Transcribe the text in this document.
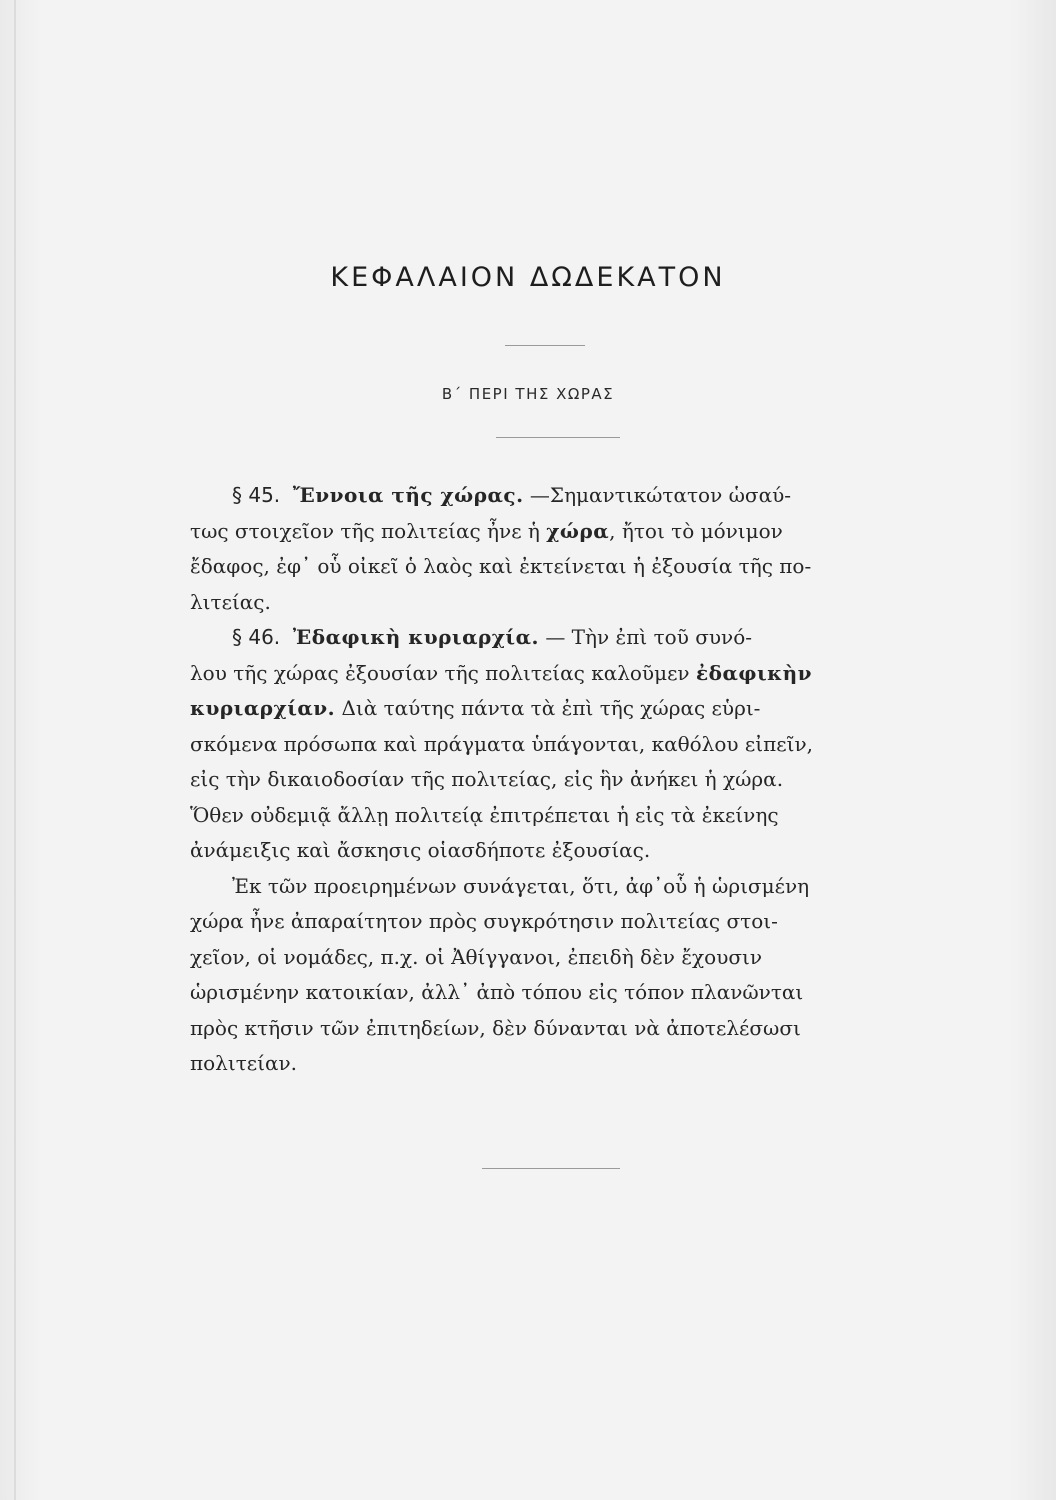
ΚΕΦΑΛΑΙΟΝ ΔΩΔΕΚΑΤΟΝ
Β΄ ΠΕΡΙ ΤΗΣ ΧΩΡΑΣ
§ 45. Ἔννοια τῆς χώρας. —Σημαντικώτατον ὡσαύ-
τως στοιχεῖον τῆς πολιτείας ἦνε ἡ χώρα, ἤτοι τὸ μόνιμον
ἔδαφος, ἐφ᾽ οὗ οἰκεῖ ὁ λαὸς καὶ ἐκτείνεται ἡ ἐξουσία τῆς πο-
λιτείας.
§ 46. Ἐδαφικὴ κυριαρχία. — Τὴν ἐπὶ τοῦ συνό-
λου τῆς χώρας ἐξουσίαν τῆς πολιτείας καλοῦμεν ἐδαφικὴν
κυριαρχίαν. Διὰ ταύτης πάντα τὰ ἐπὶ τῆς χώρας εὑρι-
σκόμενα πρόσωπα καὶ πράγματα ὑπάγονται, καθόλου εἰπεῖν,
εἰς τὴν δικαιοδοσίαν τῆς πολιτείας, εἰς ἣν ἀνήκει ἡ χώρα.
Ὅθεν οὐδεμιᾷ ἄλλῃ πολιτείᾳ ἐπιτρέπεται ἡ εἰς τὰ ἐκείνης
ἀνάμειξις καὶ ἄσκησις οἱασδήποτε ἐξουσίας.
Ἐκ τῶν προειρημένων συνάγεται, ὅτι, ἀφ᾽οὗ ἡ ὡρισμένη
χώρα ἦνε ἀπαραίτητον πρὸς συγκρότησιν πολιτείας στοι-
χεῖον, οἱ νομάδες, π.χ. οἱ Ἀθίγγανοι, ἐπειδὴ δὲν ἔχουσιν
ὡρισμένην κατοικίαν, ἀλλ᾽ ἀπὸ τόπου εἰς τόπον πλανῶνται
πρὸς κτῆσιν τῶν ἐπιτηδείων, δὲν δύνανται νὰ ἀποτελέσωσι
πολιτείαν.
